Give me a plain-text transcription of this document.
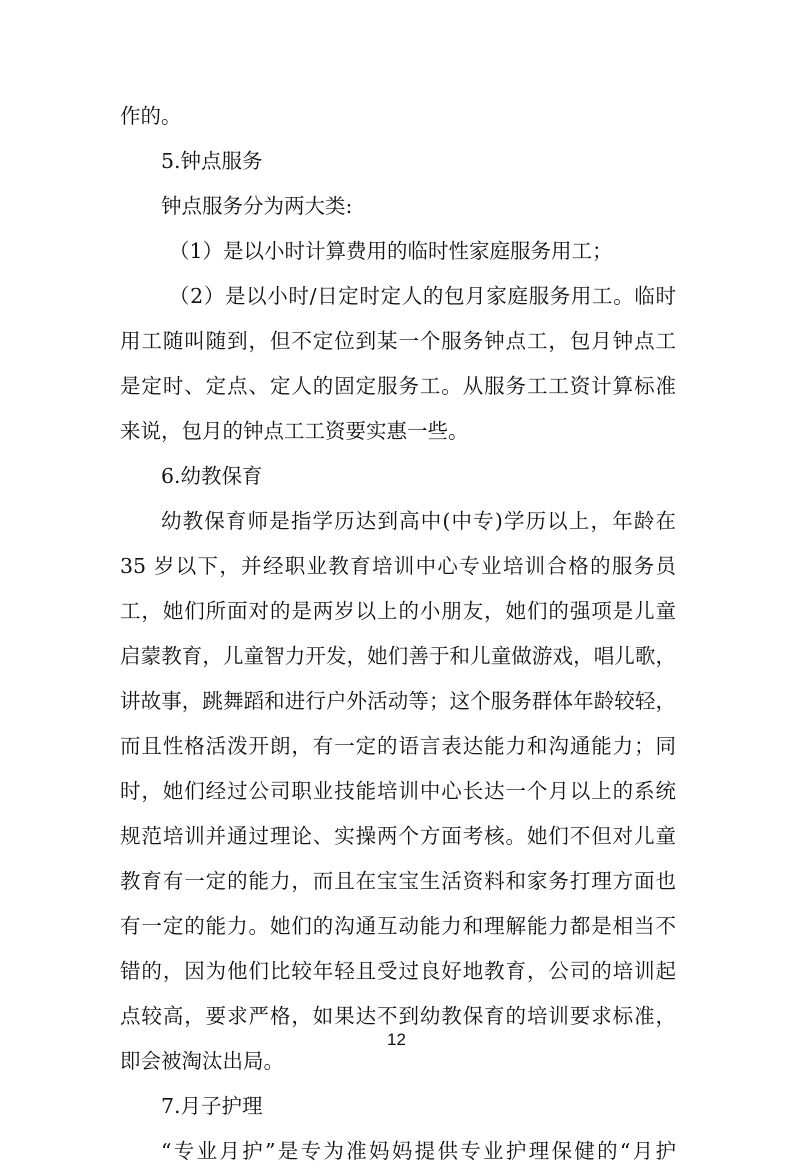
作的。
5.钟点服务
钟点服务分为两大类:
（1）是以小时计算费用的临时性家庭服务用工；
（2）是以小时/日定时定人的包月家庭服务用工。临时
用工随叫随到，但不定位到某一个服务钟点工，包月钟点工
是定时、定点、定人的固定服务工。从服务工工资计算标准
来说，包月的钟点工工资要实惠一些。
6.幼教保育
幼教保育师是指学历达到高中(中专)学历以上，年龄在
35 岁以下，并经职业教育培训中心专业培训合格的服务员
工，她们所面对的是两岁以上的小朋友，她们的强项是儿童
启蒙教育，儿童智力开发，她们善于和儿童做游戏，唱儿歌，
讲故事，跳舞蹈和进行户外活动等；这个服务群体年龄较轻，
而且性格活泼开朗，有一定的语言表达能力和沟通能力；同
时，她们经过公司职业技能培训中心长达一个月以上的系统
规范培训并通过理论、实操两个方面考核。她们不但对儿童
教育有一定的能力，而且在宝宝生活资料和家务打理方面也
有一定的能力。她们的沟通互动能力和理解能力都是相当不
错的，因为他们比较年轻且受过良好地教育，公司的培训起
点较高，要求严格，如果达不到幼教保育的培训要求标准，
即会被淘汰出局。
7.月子护理
“专业月护”是专为准妈妈提供专业护理保健的“月护
12
